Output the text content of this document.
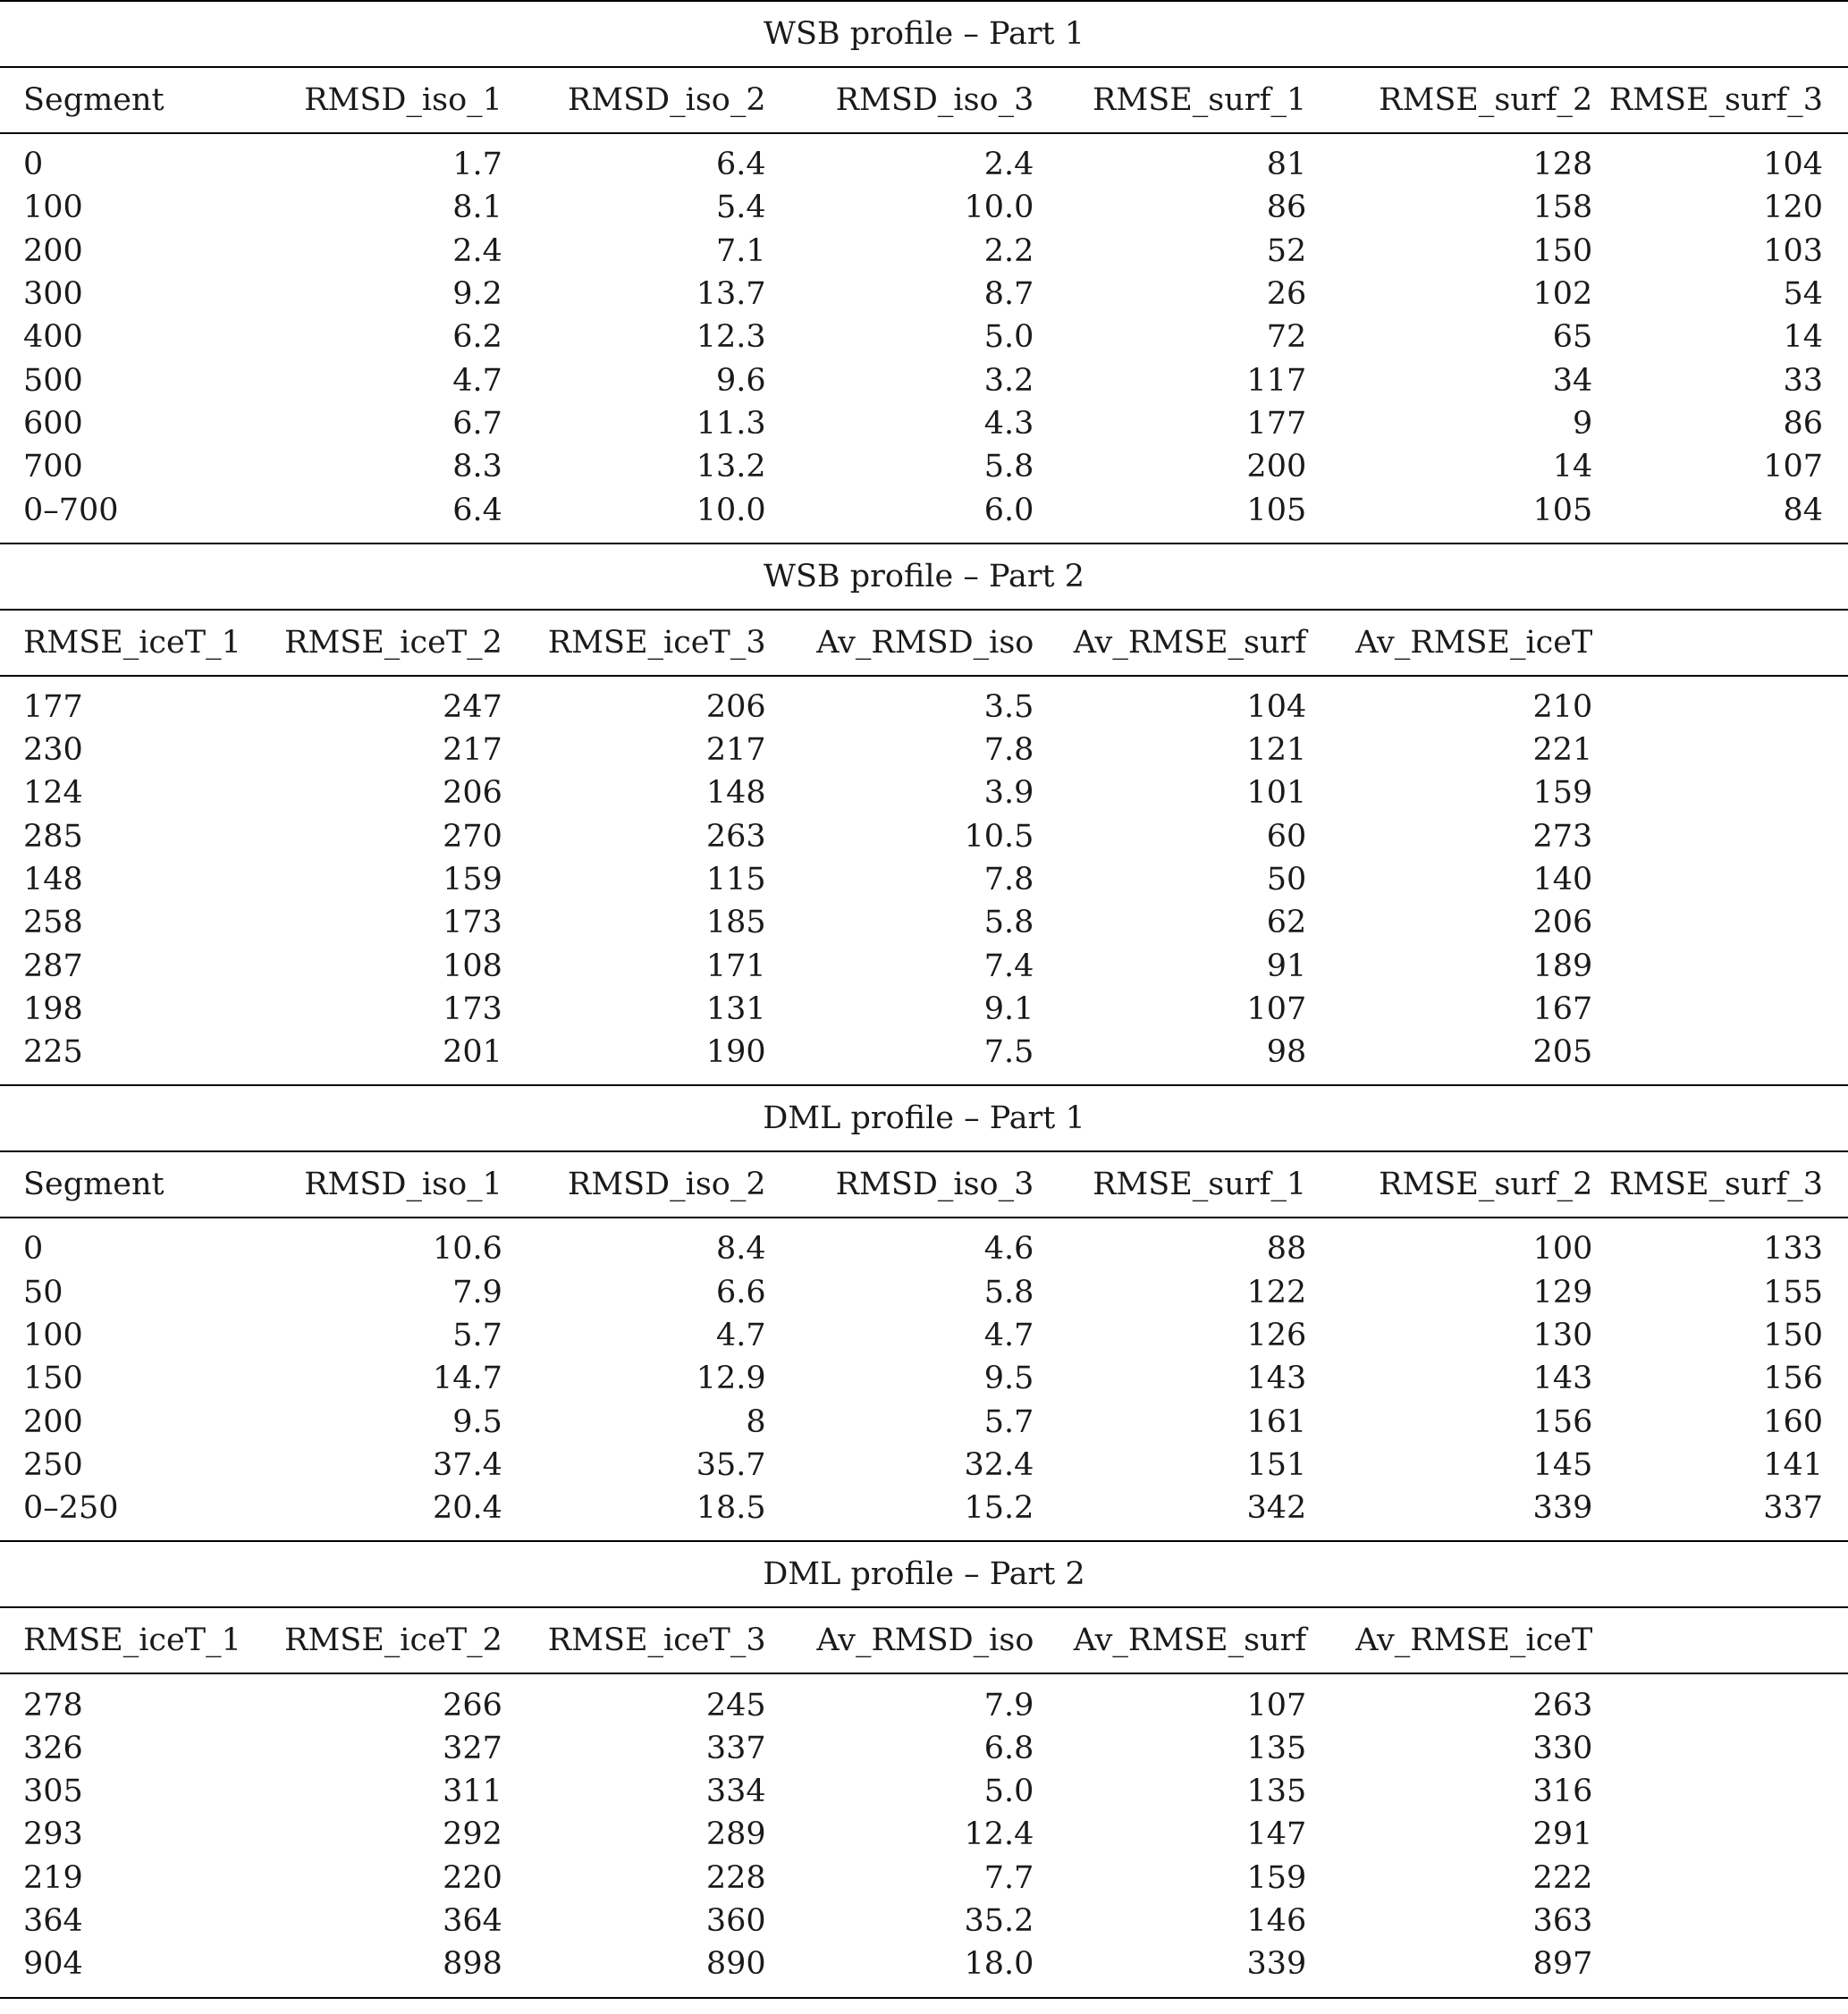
WSB profile – Part 1						
Segment	RMSD_iso_1	RMSD_iso_2	RMSD_iso_3	RMSE_surf_1	RMSE_surf_2	RMSE_surf_3

0	1.7	6.4	2.4	81	128	104
100	8.1	5.4	10.0	86	158	120
200	2.4	7.1	2.2	52	150	103
300	9.2	13.7	8.7	26	102	54
400	6.2	12.3	5.0	72	65	14
500	4.7	9.6	3.2	117	34	33
600	6.7	11.3	4.3	177	9	86
700	8.3	13.2	5.8	200	14	107
0–700	6.4	10.0	6.0	105	105	84

WSB profile – Part 2						
RMSE_iceT_1	RMSE_iceT_2	RMSE_iceT_3	Av_RMSD_iso	Av_RMSE_surf	Av_RMSE_iceT	

177	247	206	3.5	104	210	
230	217	217	7.8	121	221	
124	206	148	3.9	101	159	
285	270	263	10.5	60	273	
148	159	115	7.8	50	140	
258	173	185	5.8	62	206	
287	108	171	7.4	91	189	
198	173	131	9.1	107	167	
225	201	190	7.5	98	205	

DML profile – Part 1						
Segment	RMSD_iso_1	RMSD_iso_2	RMSD_iso_3	RMSE_surf_1	RMSE_surf_2	RMSE_surf_3

0	10.6	8.4	4.6	88	100	133
50	7.9	6.6	5.8	122	129	155
100	5.7	4.7	4.7	126	130	150
150	14.7	12.9	9.5	143	143	156
200	9.5	8	5.7	161	156	160
250	37.4	35.7	32.4	151	145	141
0–250	20.4	18.5	15.2	342	339	337

DML profile – Part 2						
RMSE_iceT_1	RMSE_iceT_2	RMSE_iceT_3	Av_RMSD_iso	Av_RMSE_surf	Av_RMSE_iceT	

278	266	245	7.9	107	263	
326	327	337	6.8	135	330	
305	311	334	5.0	135	316	
293	292	289	12.4	147	291	
219	220	228	7.7	159	222	
364	364	360	35.2	146	363	
904	898	890	18.0	339	897	
